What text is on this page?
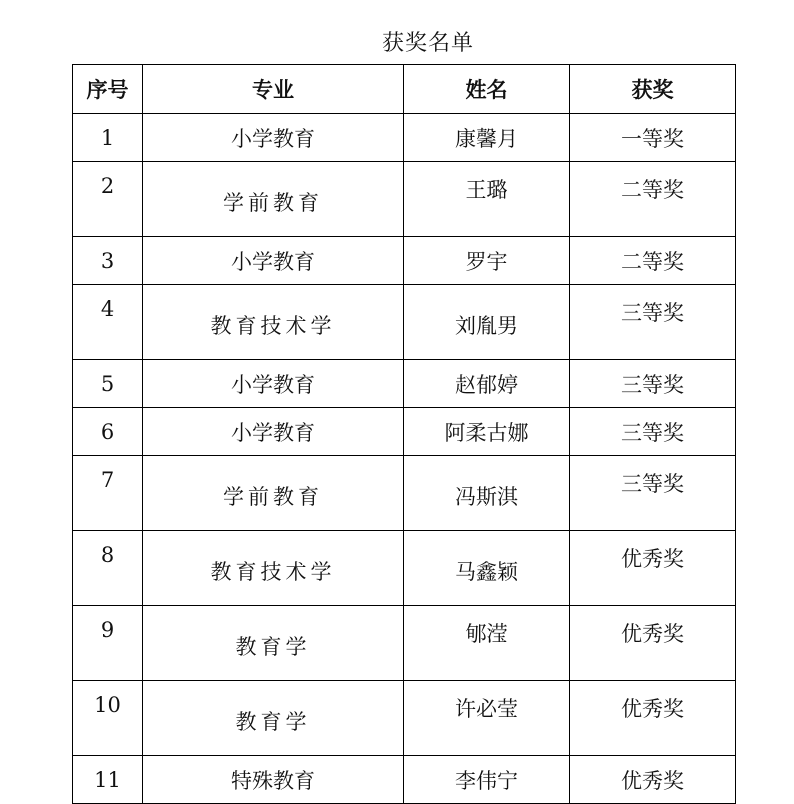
获奖名单
序号	专业	姓名	获奖
1	小学教育	康馨月	一等奖
2	学前教育	王璐	二等奖
3	小学教育	罗宇	二等奖
4	教育技术学	刘胤男	三等奖
5	小学教育	赵郁婷	三等奖
6	小学教育	阿柔古娜	三等奖
7	学前教育	冯斯淇	三等奖
8	教育技术学	马鑫颖	优秀奖
9	教育学	郇滢	优秀奖
10	教育学	许必莹	优秀奖
11	特殊教育	李伟宁	优秀奖
